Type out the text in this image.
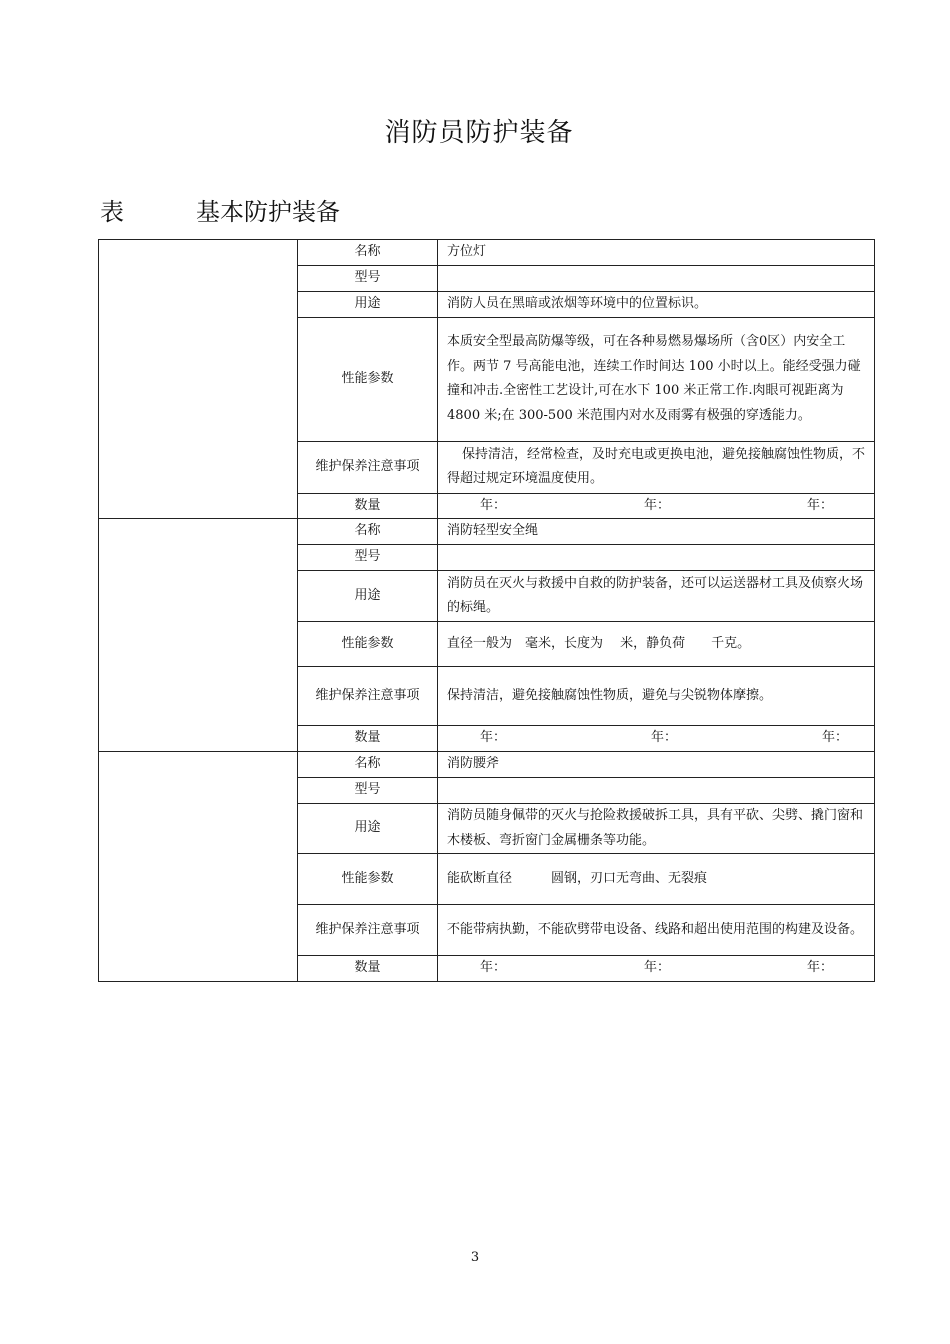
消防员防护装备
表	基本防护装备
	名称	方位灯
	型号	
	用途	消防人员在黑暗或浓烟等环境中的位置标识。
	性能参数	本质安全型最高防爆等级，可在各种易燃易爆场所（含0区）内安全工作。两节 7 号高能电池，连续工作时间达 100 小时以上。能经受强力碰撞和冲击.全密性工艺设计,可在水下 100 米正常工作.肉眼可视距离为 4800 米;在 300-500 米范围内对水及雨雾有极强的穿透能力。
	维护保养注意事项	保持清洁，经常检查，及时充电或更换电池，避免接触腐蚀性物质，不得超过规定环境温度使用。
	数量	年： 年： 年：

	名称	消防轻型安全绳
	型号	
	用途	消防员在灭火与救援中自救的防护装备，还可以运送器材工具及侦察火场的标绳。
	性能参数	直径一般为　毫米，长度为　 米，静负荷　　千克。
	维护保养注意事项	保持清洁，避免接触腐蚀性物质，避免与尖锐物体摩擦。
	数量	年： 年： 年：

	名称	消防腰斧
	型号	
	用途	消防员随身佩带的灭火与抢险救援破拆工具，具有平砍、尖劈、撬门窗和木楼板、弯折窗门金属栅条等功能。
	性能参数	能砍断直径　　　圆钢，刃口无弯曲、无裂痕
	维护保养注意事项	不能带病执勤，不能砍劈带电设备、线路和超出使用范围的构建及设备。
	数量	年： 年： 年：
3
